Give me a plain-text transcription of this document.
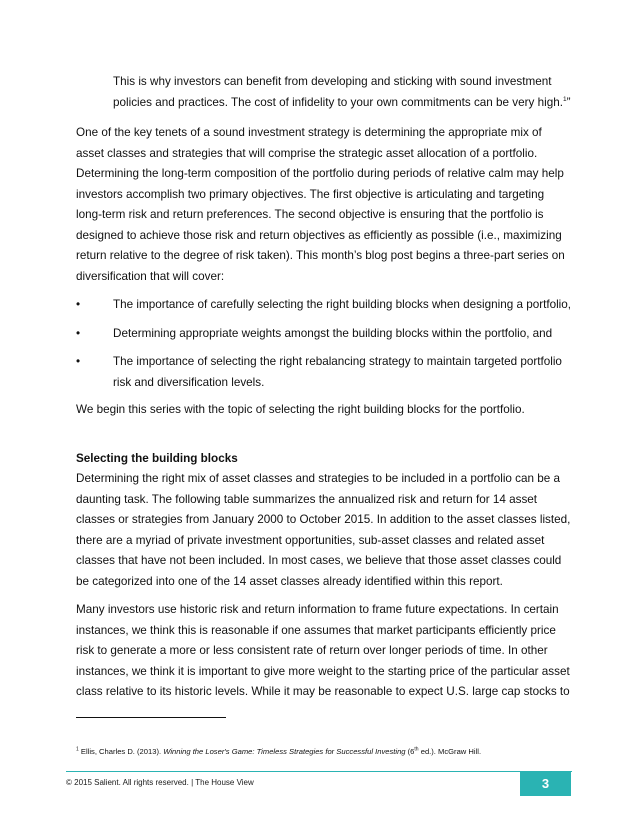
This is why investors can benefit from developing and sticking with sound investment policies and practices. The cost of infidelity to your own commitments can be very high.$^1$”
One of the key tenets of a sound investment strategy is determining the appropriate mix of asset classes and strategies that will comprise the strategic asset allocation of a portfolio. Determining the long-term composition of the portfolio during periods of relative calm may help investors accomplish two primary objectives. The first objective is articulating and targeting long-term risk and return preferences. The second objective is ensuring that the portfolio is designed to achieve those risk and return objectives as efficiently as possible (i.e., maximizing return relative to the degree of risk taken). This month’s blog post begins a three-part series on diversification that will cover:
•	The importance of carefully selecting the right building blocks when designing a portfolio,
•	Determining appropriate weights amongst the building blocks within the portfolio, and
•	The importance of selecting the right rebalancing strategy to maintain targeted portfolio risk and diversification levels.
We begin this series with the topic of selecting the right building blocks for the portfolio.
Selecting the building blocks
Determining the right mix of asset classes and strategies to be included in a portfolio can be a daunting task. The following table summarizes the annualized risk and return for 14 asset classes or strategies from January 2000 to October 2015. In addition to the asset classes listed, there are a myriad of private investment opportunities, sub-asset classes and related asset classes that have not been included. In most cases, we believe that those asset classes could be categorized into one of the 14 asset classes already identified within this report.
Many investors use historic risk and return information to frame future expectations. In certain instances, we think this is reasonable if one assumes that market participants efficiently price risk to generate a more or less consistent rate of return over longer periods of time. In other instances, we think it is important to give more weight to the starting price of the particular asset class relative to its historic levels. While it may be reasonable to expect U.S. large cap stocks to
$^1$ Ellis, Charles D. (2013). Winning the Loser's Game: Timeless Strategies for Successful Investing (6th ed.). McGraw Hill.
© 2015 Salient. All rights reserved. | The House View	3
